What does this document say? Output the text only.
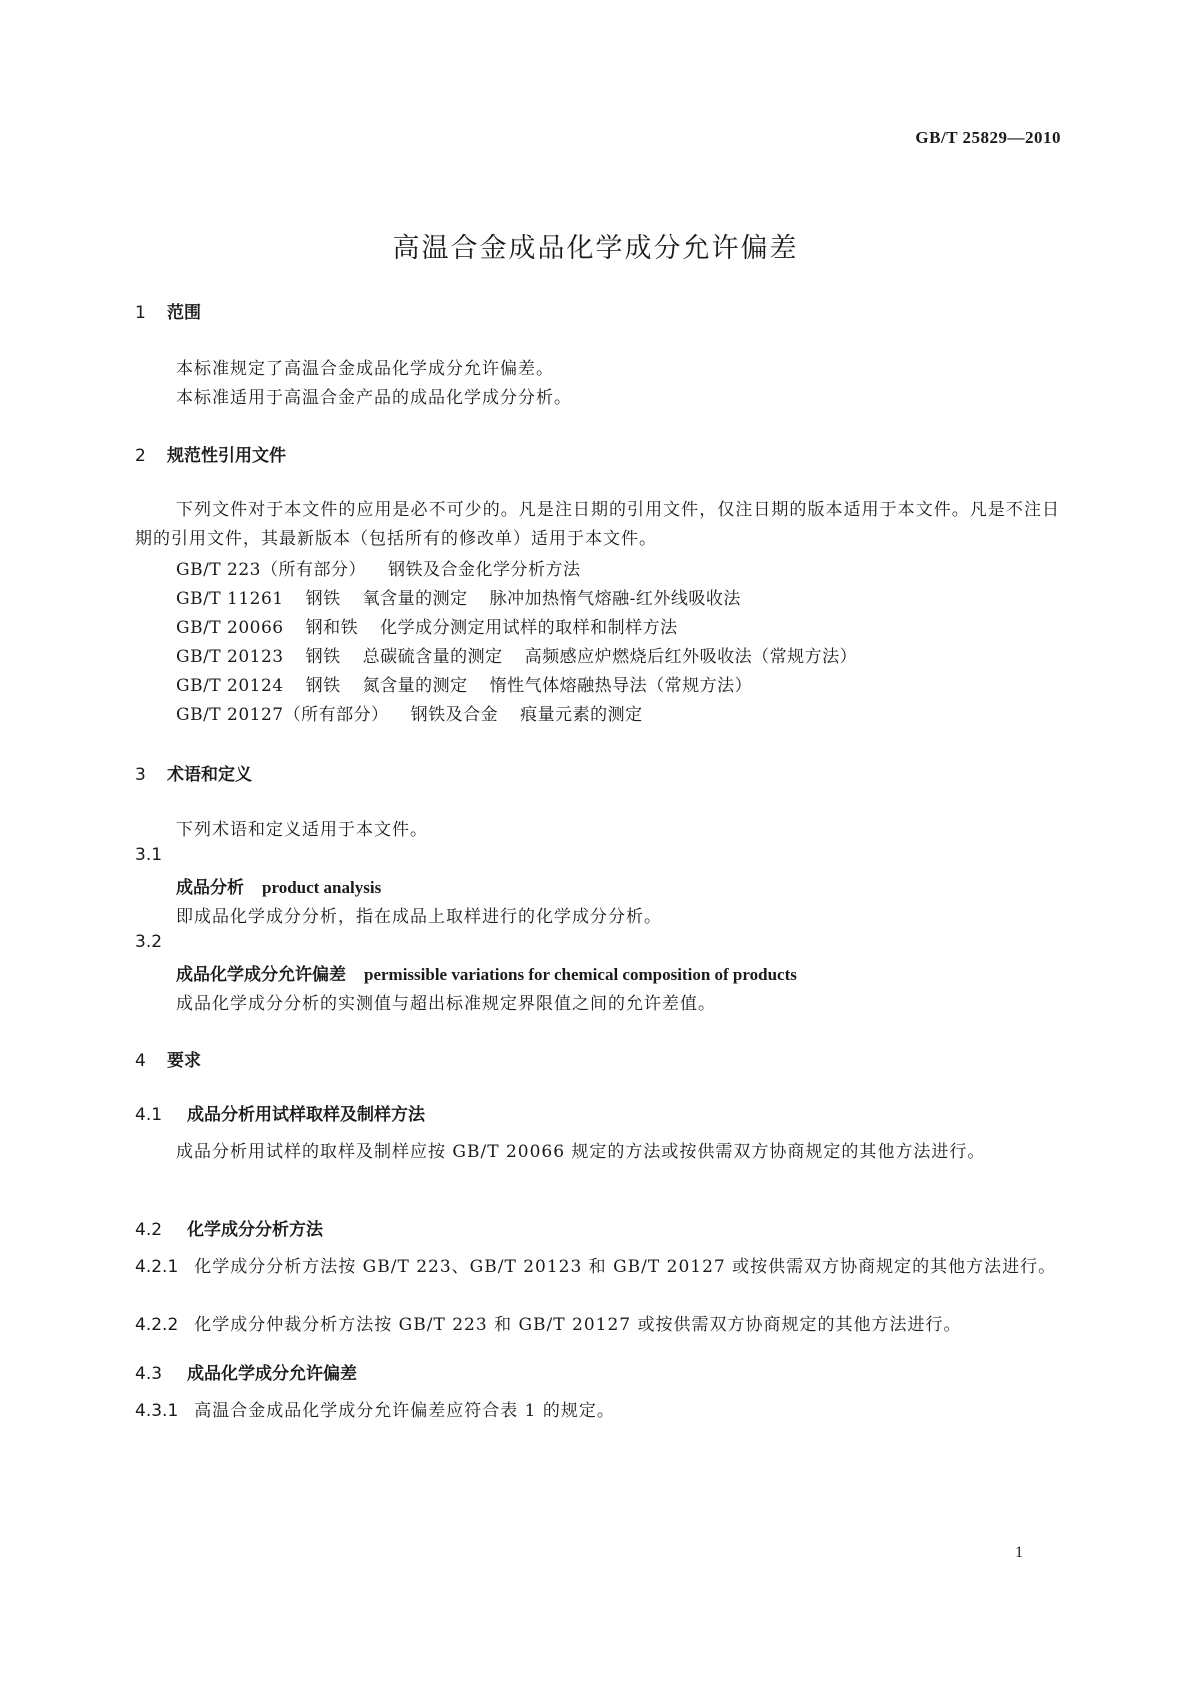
GB/T 25829—2010
高温合金成品化学成分允许偏差
1 范围
本标准规定了高温合金成品化学成分允许偏差。
本标准适用于高温合金产品的成品化学成分分析。
2 规范性引用文件
下列文件对于本文件的应用是必不可少的。凡是注日期的引用文件，仅注日期的版本适用于本文件。凡是不注日期的引用文件，其最新版本（包括所有的修改单）适用于本文件。
GB/T 223（所有部分） 钢铁及合金化学分析方法
GB/T 11261 钢铁 氧含量的测定 脉冲加热惰气熔融-红外线吸收法
GB/T 20066 钢和铁 化学成分测定用试样的取样和制样方法
GB/T 20123 钢铁 总碳硫含量的测定 高频感应炉燃烧后红外吸收法（常规方法）
GB/T 20124 钢铁 氮含量的测定 惰性气体熔融热导法（常规方法）
GB/T 20127（所有部分） 钢铁及合金 痕量元素的测定
3 术语和定义
下列术语和定义适用于本文件。
3.1
成品分析 product analysis
即成品化学成分分析，指在成品上取样进行的化学成分分析。
3.2
成品化学成分允许偏差 permissible variations for chemical composition of products
成品化学成分分析的实测值与超出标准规定界限值之间的允许差值。
4 要求
4.1 成品分析用试样取样及制样方法
成品分析用试样的取样及制样应按 GB/T 20066 规定的方法或按供需双方协商规定的其他方法进行。
4.2 化学成分分析方法
4.2.1 化学成分分析方法按 GB/T 223、GB/T 20123 和 GB/T 20127 或按供需双方协商规定的其他方法进行。
4.2.2 化学成分仲裁分析方法按 GB/T 223 和 GB/T 20127 或按供需双方协商规定的其他方法进行。
4.3 成品化学成分允许偏差
4.3.1 高温合金成品化学成分允许偏差应符合表 1 的规定。
1
